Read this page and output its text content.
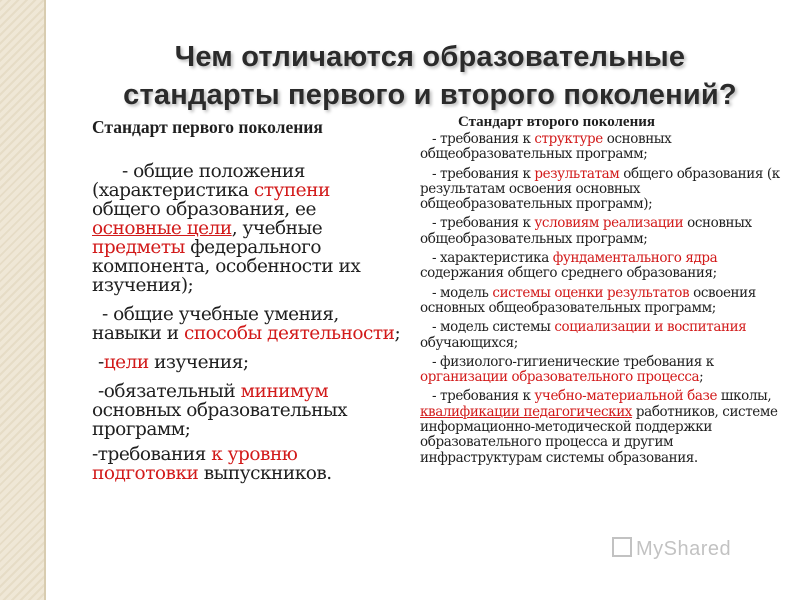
Чем отличаются образовательные
стандарты первого и второго поколений?
Стандарт первого поколения

- общие положения (характеристика ступени общего образования, ее основные цели, учебные предметы федерального компонента, особенности их изучения);

- общие учебные умения, навыки и способы деятельности;

-цели изучения;

-обязательный минимум основных образовательных программ;

-требования к уровню подготовки выпускников.

Стандарт второго поколения

- требования к структуре основных общеобразовательных программ;

- требования к результатам общего образования (к результатам освоения основных общеобразовательных программ);

- требования к условиям реализации основных общеобразовательных программ;

- характеристика фундаментального ядра содержания общего среднего образования;

- модель системы оценки результатов освоения основных общеобразовательных программ;

- модель системы социализации и воспитания обучающихся;

- физиолого-гигиенические требования к организации образовательного процесса;

- требования к учебно-материальной базе школы, квалификации педагогических работников, системе информационно-методической поддержки образовательного процесса и другим инфраструктурам системы образования.

MyShared
